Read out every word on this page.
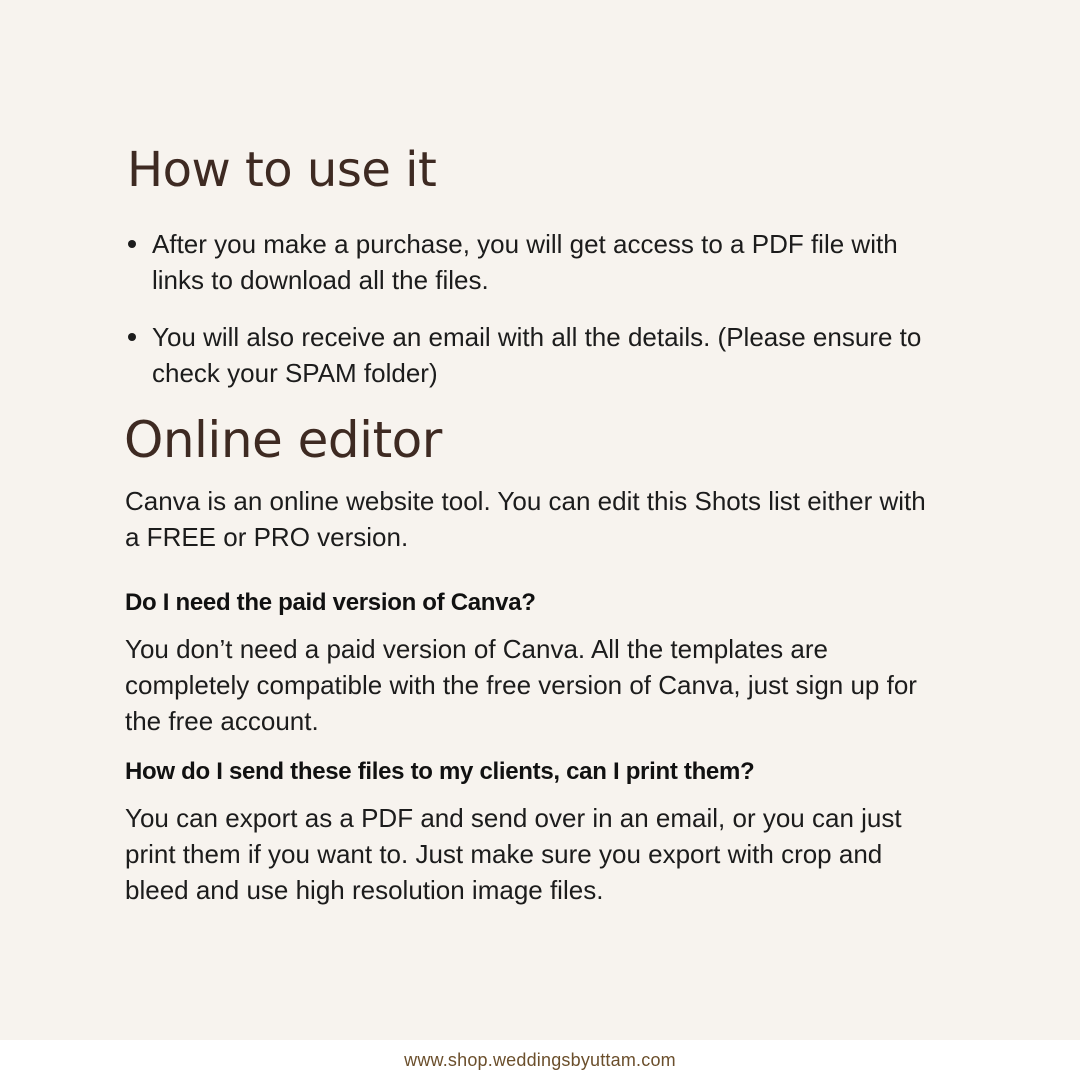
How to use it
After you make a purchase, you will get access to a PDF file with links to download all the files.
You will also receive an email with all the details. (Please ensure to check your SPAM folder)
Online editor

Canva is an online website tool. You can edit this Shots list either with a FREE or PRO version.

Do I need the paid version of Canva?

You don’t need a paid version of Canva. All the templates are completely compatible with the free version of Canva, just sign up for the free account.

How do I send these files to my clients, can I print them?

You can export as a PDF and send over in an email, or you can just print them if you want to. Just make sure you export with crop and bleed and use high resolution image files.

www.shop.weddingsbyuttam.com
